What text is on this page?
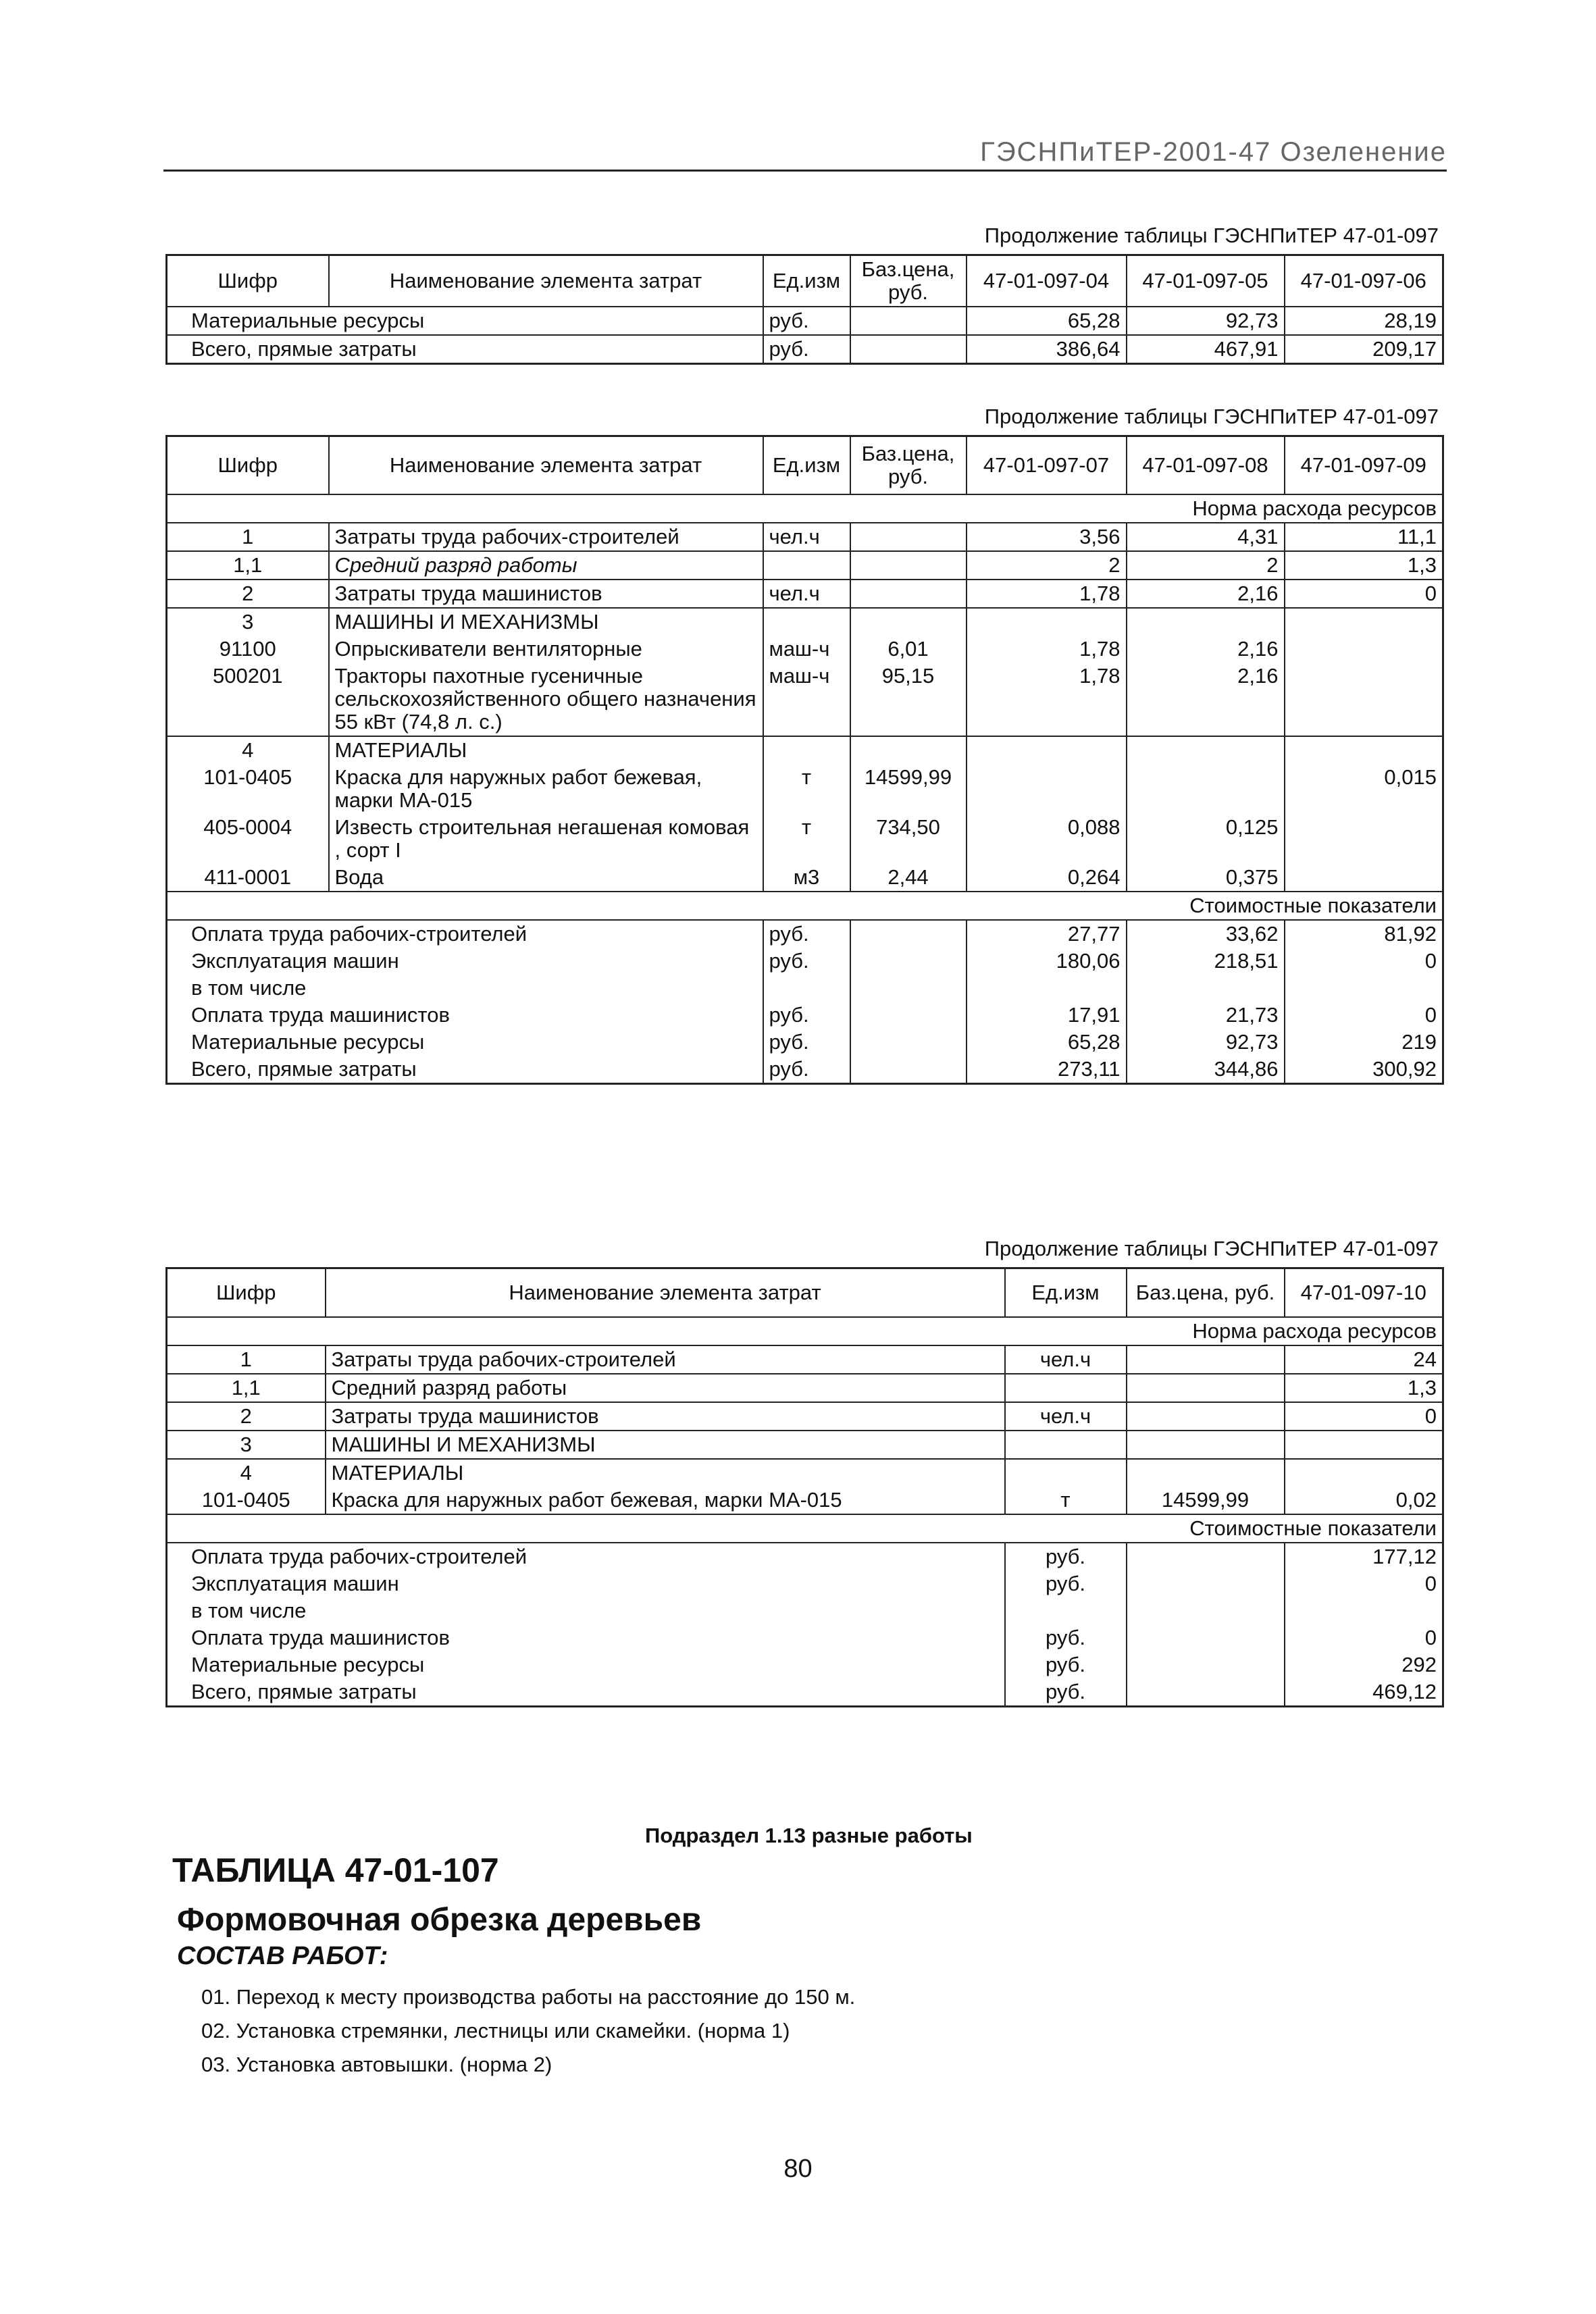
ГЭСНПиТЕР-2001-47 Озеленение
Продолжение таблицы ГЭСНПиТЕР 47-01-097
Шифр	Наименование элемента затрат	Ед.изм	Баз.цена, руб.	47-01-097-04	47-01-097-05	47-01-097-06
Материальные ресурсы		руб.		65,28	92,73	28,19
Всего, прямые затраты		руб.		386,64	467,91	209,17
Продолжение таблицы ГЭСНПиТЕР 47-01-097
Шифр	Наименование элемента затрат	Ед.изм	Баз.цена, руб.	47-01-097-07	47-01-097-08	47-01-097-09
Норма расхода ресурсов						
1	Затраты труда рабочих-строителей	чел.ч		3,56	4,31	11,1
1,1	Средний разряд работы			2	2	1,3
2	Затраты труда машинистов	чел.ч		1,78	2,16	0
3	МАШИНЫ И МЕХАНИЗМЫ					
91100	Опрыскиватели вентиляторные	маш-ч	6,01	1,78	2,16	
500201	Тракторы пахотные гусеничные сельскохозяйственного общего назначения 55 кВт (74,8 л. с.)	маш-ч	95,15	1,78	2,16	
4	МАТЕРИАЛЫ					
101-0405	Краска для наружных работ бежевая, марки МА-015	т	14599,99			0,015
405-0004	Известь строительная негашеная комовая , сорт I	т	734,50	0,088	0,125	
411-0001	Вода	м3	2,44	0,264	0,375	
Стоимостные показатели						
Оплата труда рабочих-строителей		руб.		27,77	33,62	81,92
Эксплуатация машин		руб.		180,06	218,51	0
в том числе						
Оплата труда машинистов		руб.		17,91	21,73	0
Материальные ресурсы		руб.		65,28	92,73	219
Всего, прямые затраты		руб.		273,11	344,86	300,92
Продолжение таблицы ГЭСНПиТЕР 47-01-097
Шифр	Наименование элемента затрат	Ед.изм	Баз.цена, руб.	47-01-097-10
Норма расхода ресурсов				
1	Затраты труда рабочих-строителей	чел.ч		24
1,1	Средний разряд работы			1,3
2	Затраты труда машинистов	чел.ч		0
3	МАШИНЫ И МЕХАНИЗМЫ			
4	МАТЕРИАЛЫ			
101-0405	Краска для наружных работ бежевая, марки МА-015	т	14599,99	0,02
Стоимостные показатели				
Оплата труда рабочих-строителей		руб.		177,12
Эксплуатация машин		руб.		0
в том числе				
Оплата труда машинистов		руб.		0
Материальные ресурсы		руб.		292
Всего, прямые затраты		руб.		469,12
Подраздел 1.13 разные работы
ТАБЛИЦА 47-01-107
Формовочная обрезка деревьев
СОСТАВ РАБОТ:
01. Переход к месту производства работы на расстояние до 150 м.
02. Установка стремянки, лестницы или скамейки. (норма 1)
03. Установка автовышки. (норма 2)
80
